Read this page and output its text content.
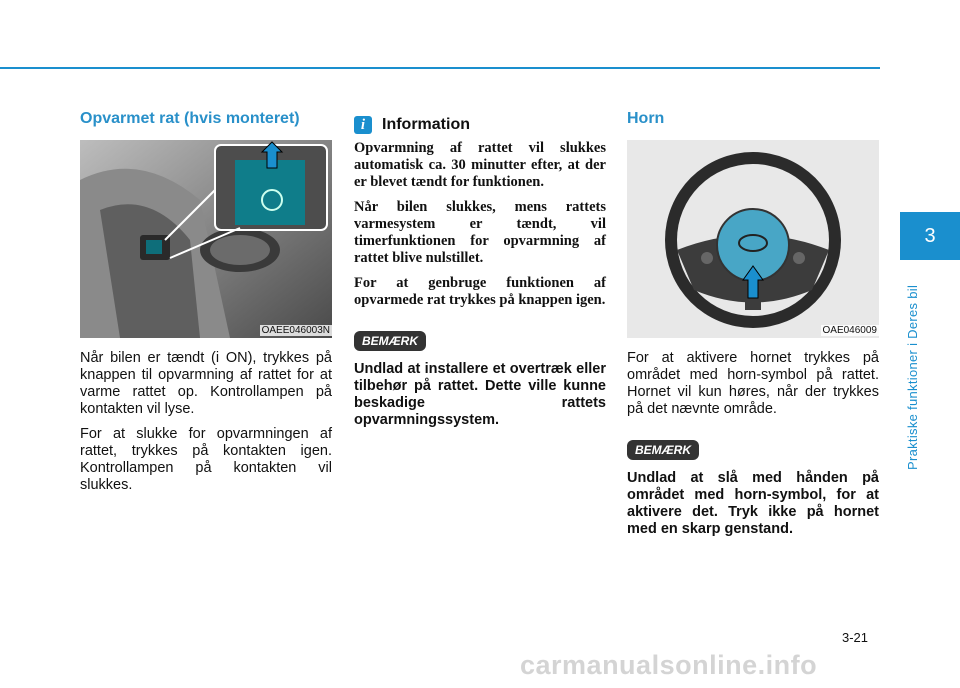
3
Praktiske funktioner i Deres bil
Opvarmet rat (hvis monteret)
OAEE046003N

Når bilen er tændt (i ON), trykkes på knappen til opvarmning af rattet for at varme rattet op. Kontrollampen på kontakten vil lyse.

For at slukke for opvarmningen af rattet, trykkes på kontakten igen. Kontrollampen på kontakten vil slukkes.

i	Information

Opvarmning af rattet vil slukkes automatisk ca. 30 minutter efter, at der er blevet tændt for funktionen.

Når bilen slukkes, mens rattets varmesystem er tændt, vil timerfunktionen for opvarmning af rattet blive nulstillet.

For at genbruge funktionen af opvarmede rat trykkes på knappen igen.

BEMÆRK

Undlad at installere et overtræk eller tilbehør på rattet. Dette ville kunne beskadige rattets opvarmningssystem.

Horn
OAE046009

For at aktivere hornet trykkes på området med horn-symbol på rattet. Hornet vil kun høres, når der trykkes på det nævnte område.

BEMÆRK

Undlad at slå med hånden på området med horn-symbol, for at aktivere det. Tryk ikke på hornet med en skarp genstand.

3-21
carmanualsonline.info
